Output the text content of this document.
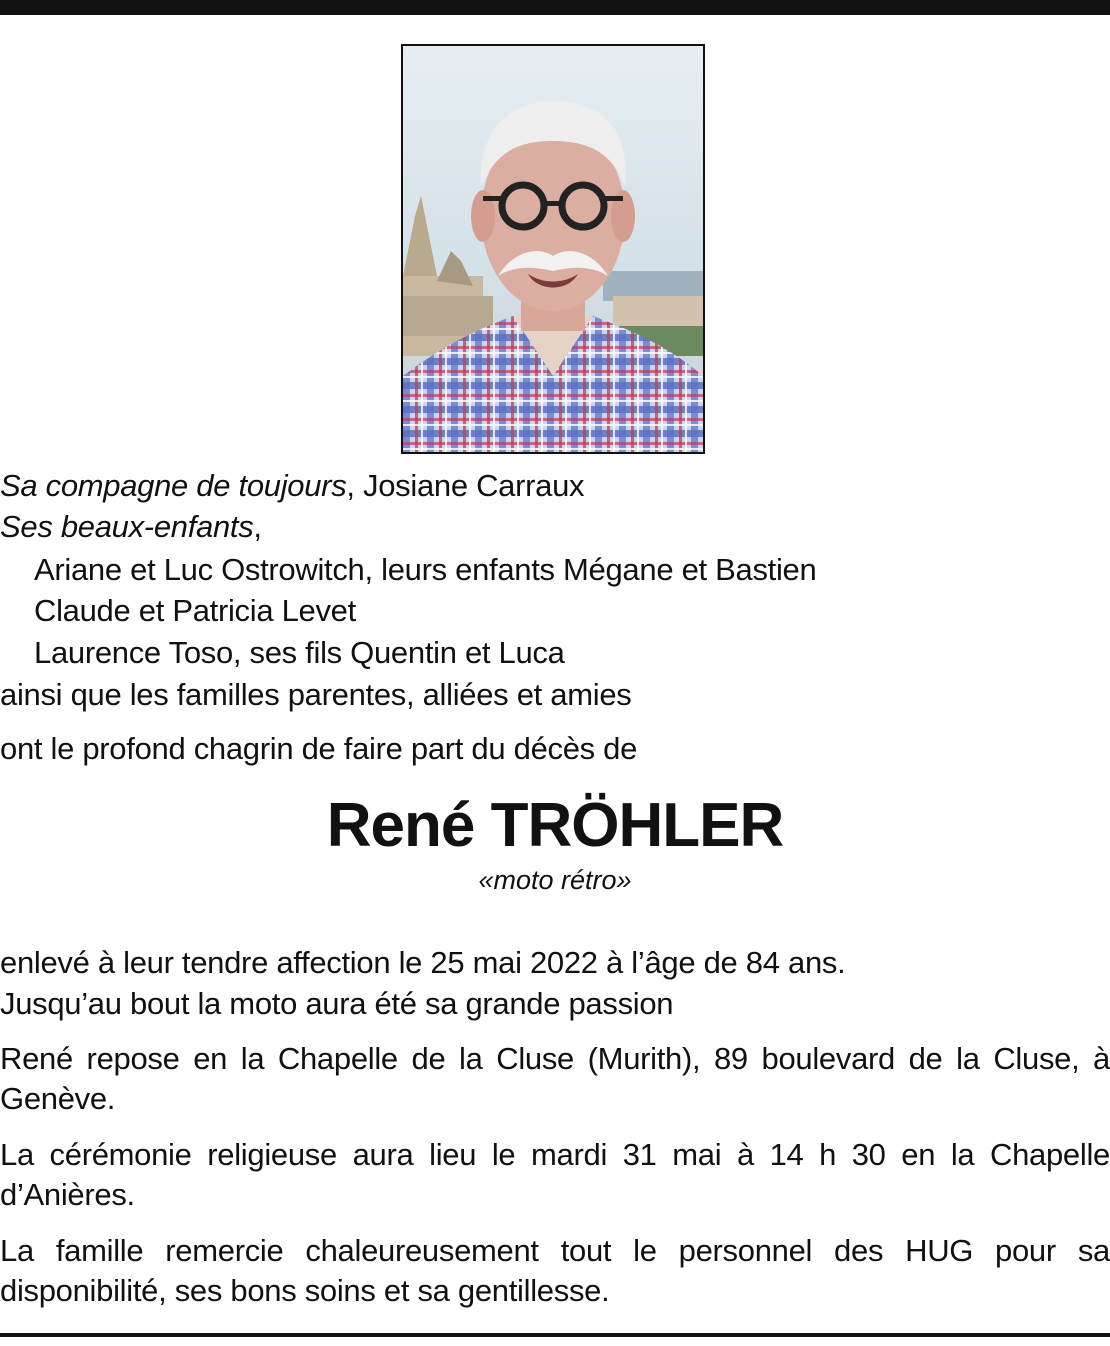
Sa compagne de toujours, Josiane Carraux
Ses beaux-enfants,
Ariane et Luc Ostrowitch, leurs enfants Mégane et Bastien
Claude et Patricia Levet
Laurence Toso, ses fils Quentin et Luca
ainsi que les familles parentes, alliées et amies
ont le profond chagrin de faire part du décès de
René TRÖHLER
«moto rétro»
enlevé à leur tendre affection le 25 mai 2022 à l’âge de 84 ans.
Jusqu’au bout la moto aura été sa grande passion
René repose en la Chapelle de la Cluse (Murith), 89 boulevard de la Cluse, à Genève.
La cérémonie religieuse aura lieu le mardi 31 mai à 14 h 30 en la Chapelle d’Anières.
La famille remercie chaleureusement tout le personnel des HUG pour sa disponibilité, ses bons soins et sa gentillesse.
